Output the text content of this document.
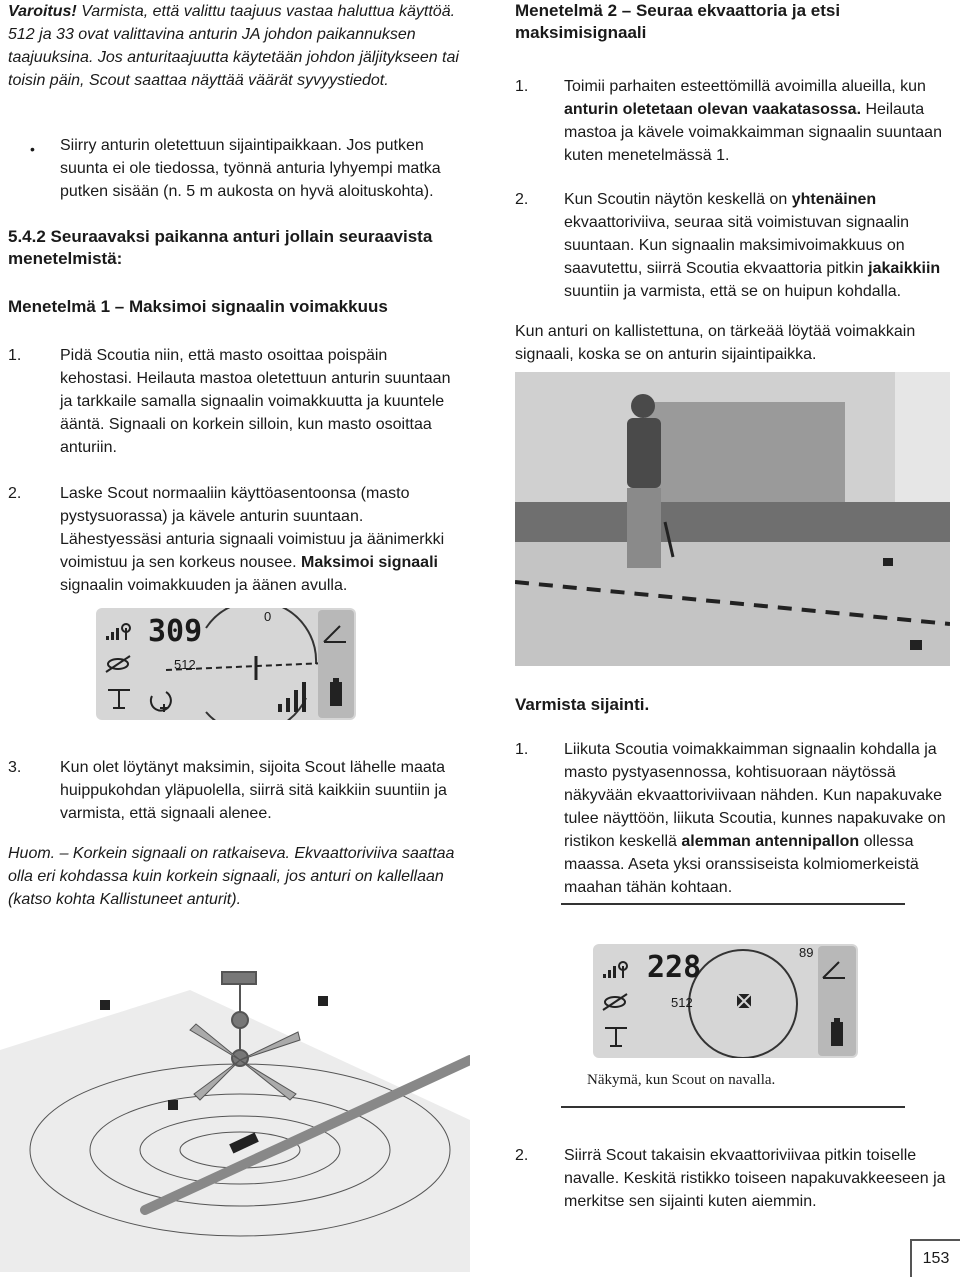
Varoitus! Varmista, että valittu taajuus vastaa haluttua käyttöä. 512 ja 33 ovat valittavina anturin JA johdon paikannuksen taajuuksina. Jos anturitaajuutta käytetään johdon jäljitykseen tai toisin päin, Scout saattaa näyttää väärät syvyystiedot.

• Siirry anturin oletettuun sijaintipaikkaan. Jos putken suunta ei ole tiedossa, työnnä anturia lyhyempi matka putken sisään (n. 5 m aukosta on hyvä aloituskohta).

5.4.2 Seuraavaksi paikanna anturi jollain seuraavista menetelmistä:
Menetelmä 1 – Maksimoi signaalin voimakkuus
1. Pidä Scoutia niin, että masto osoittaa poispäin kehostasi. Heilauta mastoa oletettuun anturin suuntaan ja tarkkaile samalla signaalin voimakkuutta ja kuuntele ääntä. Signaali on korkein silloin, kun masto osoittaa anturiin.

2. Laske Scout normaaliin käyttöasentoonsa (masto pystysuorassa) ja kävele anturin suuntaan. Lähestyessäsi anturia signaali voimistuu ja äänimerkki voimistuu ja sen korkeus nousee. Maksimoi signaali signaalin voimakkuuden ja äänen avulla.

309	0
512
3. Kun olet löytänyt maksimin, sijoita Scout lähelle maata huippukohdan yläpuolella, siirrä sitä kaikkiin suuntiin ja varmista, että signaali alenee.

Huom. – Korkein signaali on ratkaiseva. Ekvaattoriviiva saattaa olla eri kohdassa kuin korkein signaali, jos anturi on kallellaan (katso kohta Kallistuneet anturit).

Menetelmä 2 – Seuraa ekvaattoria ja etsi maksimisignaali
1. Toimii parhaiten esteettömillä avoimilla alueilla, kun anturin oletetaan olevan vaakatasossa. Heilauta mastoa ja kävele voimakkaimman signaalin suuntaan kuten menetelmässä 1.

2. Kun Scoutin näytön keskellä on yhtenäinen ekvaattoriviiva, seuraa sitä voimistuvan signaalin suuntaan. Kun signaalin maksimivoimakkuus on saavutettu, siirrä Scoutia ekvaattoria pitkin jakaikkiin suuntiin ja varmista, että se on huipun kohdalla.

Kun anturi on kallistettuna, on tärkeää löytää voimakkain signaali, koska se on anturin sijaintipaikka.

Varmista sijainti.
1. Liikuta Scoutia voimakkaimman signaalin kohdalla ja masto pystyasennossa, kohtisuoraan näytössä näkyvään ekvaattoriviivaan nähden. Kun napakuvake tulee näyttöön, liikuta Scoutia, kunnes napakuvake on ristikon keskellä alemman antennipallon ollessa maassa. Aseta yksi oranssiseista kolmiomerkeistä maahan tähän kohtaan.

228	89
512

Näkymä, kun Scout on navalla.

2. Siirrä Scout takaisin ekvaattoriviivaa pitkin toiselle navalle. Keskitä ristikko toiseen napakuvakkeeseen ja merkitse sen sijainti kuten aiemmin.

153
